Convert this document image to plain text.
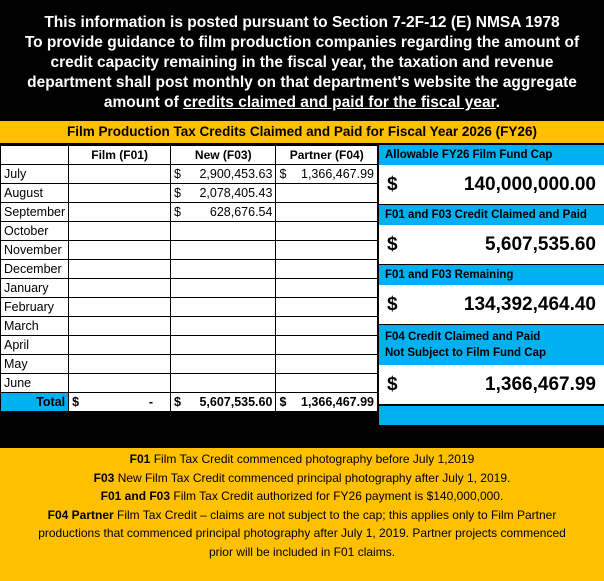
This information is posted pursuant to Section 7-2F-12 (E) NMSA 1978
To provide guidance to film production companies regarding the amount of
credit capacity remaining in the fiscal year, the taxation and revenue
department shall post monthly on that department's website the aggregate
amount of credits claimed and paid for the fiscal year.
Film Production Tax Credits Claimed and Paid for Fiscal Year 2026 (FY26)
	Film (F01)	New (F03)	Partner (F04)
July		$ 2,900,453.63	$ 1,366,467.99

August		$ 2,078,405.43	

September		$ 628,676.54	

October			
November			
December			
January			
February			
March			
April			
May			
June			
Total	$ -	$ 5,607,535.60	$ 1,366,467.99
Allowable FY26 Film Fund Cap
$	140,000,000.00
F01 and F03 Credit Claimed and Paid
$	5,607,535.60
F01 and F03 Remaining
$	134,392,464.40
F04 Credit Claimed and Paid
Not Subject to Film Fund Cap
$	1,366,467.99
F01 Film Tax Credit commenced photography before July 1,2019
F03 New Film Tax Credit commenced principal photography after July 1, 2019.
F01 and F03 Film Tax Credit authorized for FY26 payment is $140,000,000.
F04 Partner Film Tax Credit – claims are not subject to the cap; this applies only to Film Partner
productions that commenced principal photography after July 1, 2019. Partner projects commenced
prior will be included in F01 claims.
